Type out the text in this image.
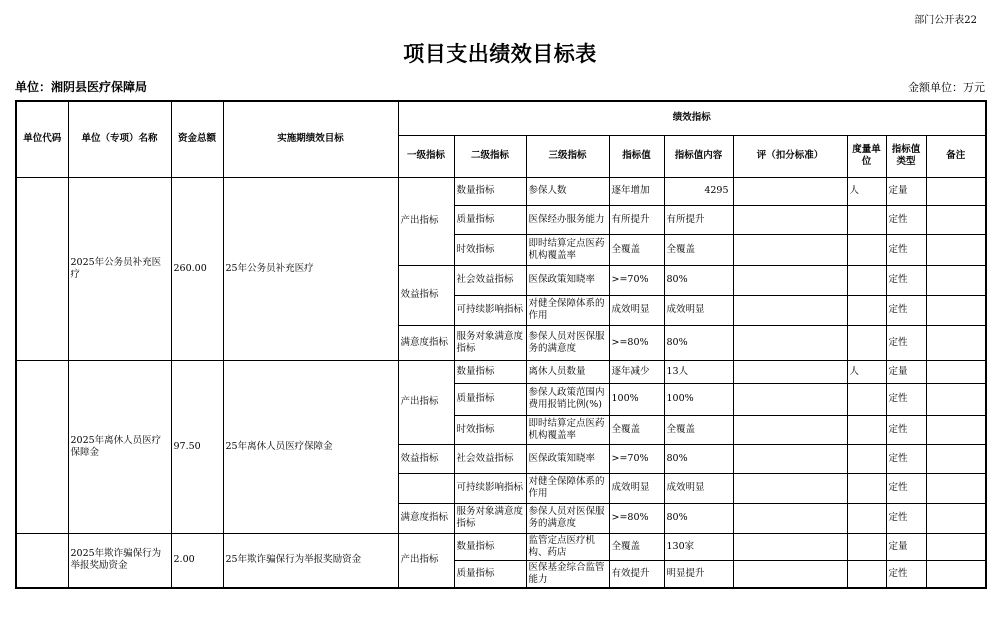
部门公开表22
项目支出绩效目标表
单位：湘阴县医疗保障局	金额单位：万元
单位代码	单位（专项）名称	资金总额	实施期绩效目标	绩效指标								
				一级指标	二级指标	三级指标	指标值	指标值内容	评（扣分标准）	度量单位	指标值类型	备注
	2025年公务员补充医疗	260.00	25年公务员补充医疗	产出指标	数量指标	参保人数	逐年增加	4295		人	定量	
					质量指标	医保经办服务能力	有所提升	有所提升			定性	
					时效指标	即时结算定点医药机构覆盖率	全覆盖	全覆盖			定性	
				效益指标	社会效益指标	医保政策知晓率	>=70%	80%			定性	
					可持续影响指标	对健全保障体系的作用	成效明显	成效明显			定性	
				满意度指标	服务对象满意度指标	参保人员对医保服务的满意度	>=80%	80%			定性	
	2025年离休人员医疗保障金	97.50	25年离休人员医疗保障金	产出指标	数量指标	离休人员数量	逐年减少	13人		人	定量	
					质量指标	参保人政策范围内费用报销比例(%)	100%	100%			定性	
					时效指标	即时结算定点医药机构覆盖率	全覆盖	全覆盖			定性	
				效益指标	社会效益指标	医保政策知晓率	>=70%	80%			定性	
					可持续影响指标	对健全保障体系的作用	成效明显	成效明显			定性	
				满意度指标	服务对象满意度指标	参保人员对医保服务的满意度	>=80%	80%			定性	
	2025年欺诈骗保行为举报奖励资金	2.00	25年欺诈骗保行为举报奖励资金	产出指标	数量指标	监管定点医疗机构、药店	全覆盖	130家			定量	
					质量指标	医保基金综合监管能力	有效提升	明显提升			定性	
